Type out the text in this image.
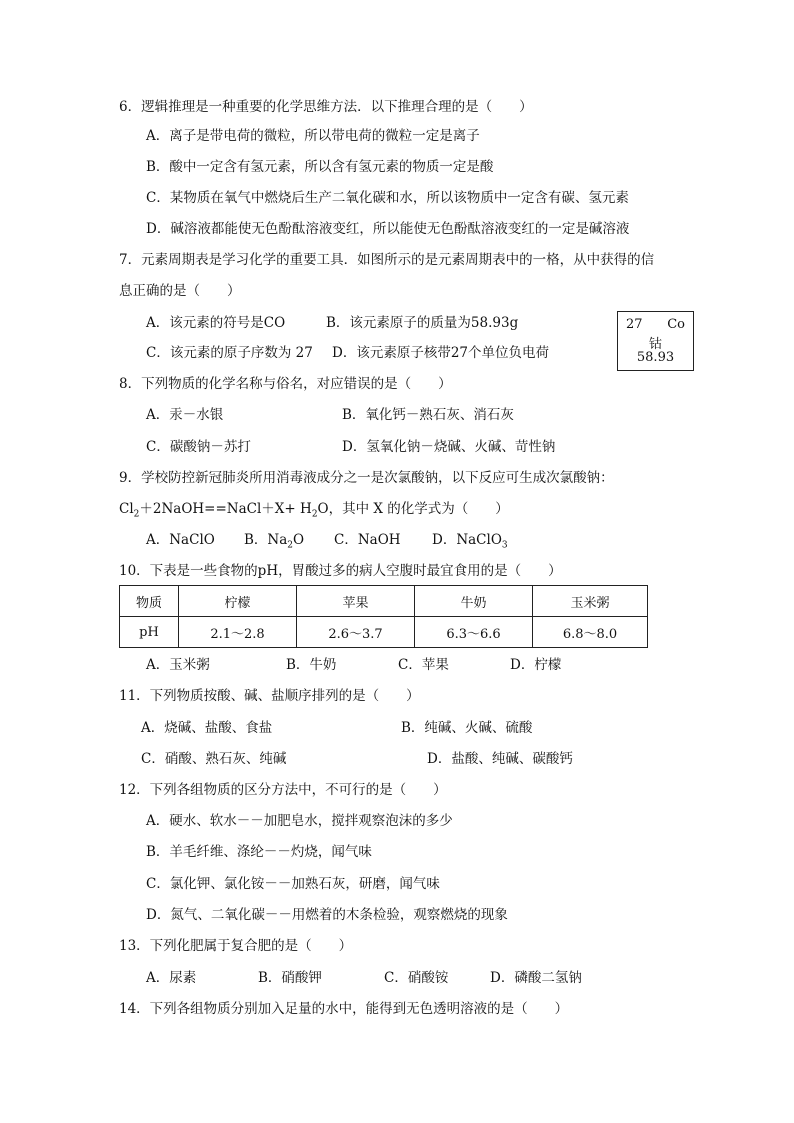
6．逻辑推理是一种重要的化学思维方法．以下推理合理的是（　　）
A．离子是带电荷的微粒，所以带电荷的微粒一定是离子
B．酸中一定含有氢元素，所以含有氢元素的物质一定是酸
C．某物质在氧气中燃烧后生产二氧化碳和水，所以该物质中一定含有碳、氢元素
D．碱溶液都能使无色酚酞溶液变红，所以能使无色酚酞溶液变红的一定是碱溶液
7．元素周期表是学习化学的重要工具．如图所示的是元素周期表中的一格，从中获得的信
息正确的是（　　）
A．该元素的符号是CO	B．该元素原子的质量为58.93g
C．该元素的原子序数为 27 D．该元素原子核带27个单位负电荷
27 Co
钴
58.93
8．下列物质的化学名称与俗名，对应错误的是（　　）
A．汞－水银	B．氧化钙－熟石灰、消石灰
C．碳酸钠－苏打	D．氢氧化钠－烧碱、火碱、苛性钠
9．学校防控新冠肺炎所用消毒液成分之一是次氯酸钠，以下反应可生成次氯酸钠：
$Cl_2+2NaOH==NaCl+X+ H_2O$，其中 X 的化学式为（　　）
A．NaClO B．$Na_2O$ C．NaOH D．NaClO$_3$
10．下表是一些食物的pH，胃酸过多的病人空腹时最宜食用的是（　　）
物质	柠檬	苹果	牛奶	玉米粥
pH	2.1～2.8	2.6～3.7	6.3～6.6	6.8～8.0
A．玉米粥	B．牛奶	C．苹果	D．柠檬
11．下列物质按酸、碱、盐顺序排列的是（　　）
A．烧碱、盐酸、食盐	B．纯碱、火碱、硫酸
C．硝酸、熟石灰、纯碱	D．盐酸、纯碱、碳酸钙
12．下列各组物质的区分方法中，不可行的是（　　）
A．硬水、软水－－加肥皂水，搅拌观察泡沫的多少
B．羊毛纤维、涤纶－－灼烧，闻气味
C．氯化钾、氯化铵－－加熟石灰，研磨，闻气味
D．氮气、二氧化碳－－用燃着的木条检验，观察燃烧的现象
13．下列化肥属于复合肥的是（　　）
A．尿素	B．硝酸钾	C．硝酸铵	D．磷酸二氢钠
14．下列各组物质分别加入足量的水中，能得到无色透明溶液的是（　　）
